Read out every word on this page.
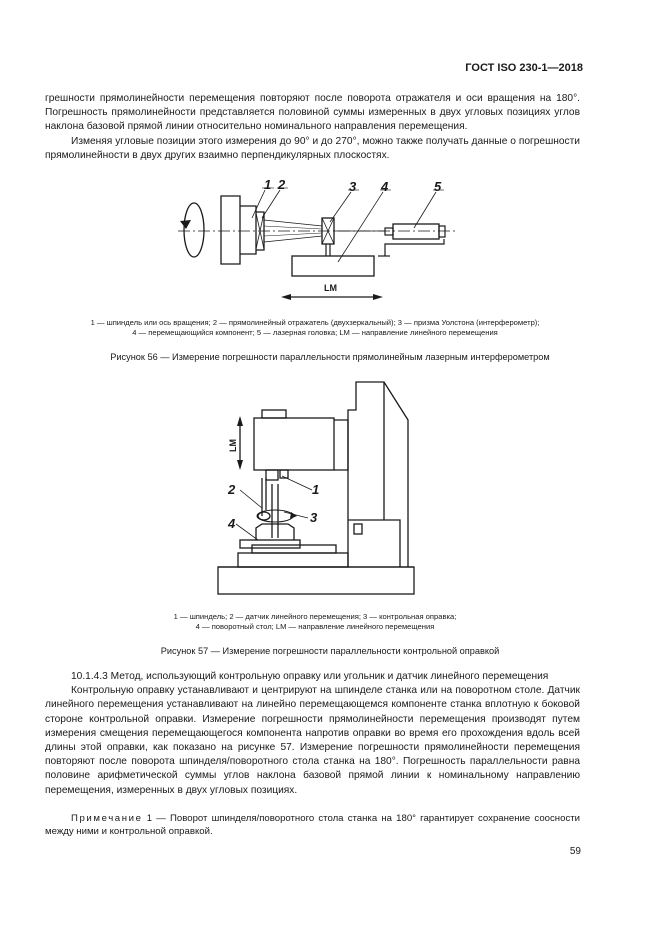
ГОСТ ISO 230-1—2018

грешности прямолинейности перемещения повторяют после поворота отражателя и оси вращения на 180°. Погрешность прямолинейности представляется половиной суммы измеренных в двух угловых позициях углов наклона базовой прямой линии относительно номинального направления перемещения.

Изменяя угловые позиции этого измерения до 90° и до 270°, можно также получать данные о погрешности прямолинейности в двух других взаимно перпендикулярных плоскостях.

1 2	3 4	5
LM
1 — шпиндель или ось вращения; 2 — прямолинейный отражатель (двухзеркальный); 3 — призма Уолстона (интерферометр);
4 — перемещающийся компонент; 5 — лазерная головка; LM — направление линейного перемещения
Рисунок 56 — Измерение погрешности параллельности прямолинейным лазерным интерферометром
1
2
3
4
LM
1 — шпиндель; 2 — датчик линейного перемещения; 3 — контрольная оправка;
4 — поворотный стол; LM — направление линейного перемещения
Рисунок 57 — Измерение погрешности параллельности контрольной оправкой

10.1.4.3 Метод, использующий контрольную оправку или угольник и датчик линейного перемещения

Контрольную оправку устанавливают и центрируют на шпинделе станка или на поворотном столе. Датчик линейного перемещения устанавливают на линейно перемещающемся компоненте станка вплотную к боковой стороне контрольной оправки. Измерение погрешности прямолинейности перемещения производят путем измерения смещения перемещающегося компонента напротив оправки во время его прохождения вдоль всей длины этой оправки, как показано на рисунке 57. Измерение погрешности прямолинейности перемещения повторяют после поворота шпинделя/поворотного стола станка на 180°. Погрешность параллельности равна половине арифметической суммы углов наклона базовой прямой линии к номинальному направлению перемещения, измеренных в двух угловых позициях.

Примечание 1 — Поворот шпинделя/поворотного стола станка на 180° гарантирует сохранение соосности между ними и контрольной оправкой.

59
